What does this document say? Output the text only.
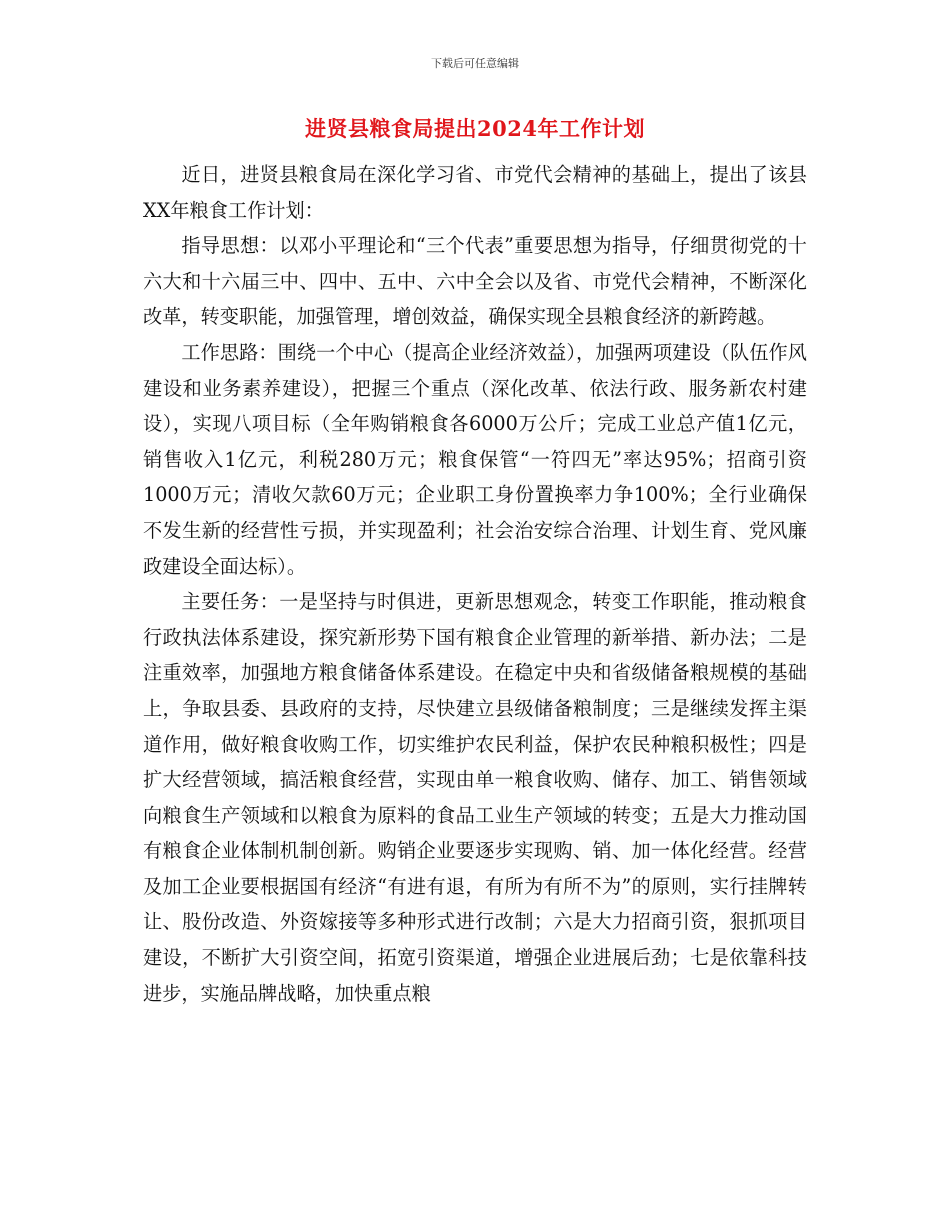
下载后可任意编辑
进贤县粮食局提出2024年工作计划

近日，进贤县粮食局在深化学习省、市党代会精神的基础上，提出了该县XX年粮食工作计划：

指导思想：以邓小平理论和“三个代表”重要思想为指导，仔细贯彻党的十六大和十六届三中、四中、五中、六中全会以及省、市党代会精神，不断深化改革，转变职能，加强管理，增创效益，确保实现全县粮食经济的新跨越。

工作思路：围绕一个中心（提高企业经济效益），加强两项建设（队伍作风建设和业务素养建设），把握三个重点（深化改革、依法行政、服务新农村建设），实现八项目标（全年购销粮食各6000万公斤；完成工业总产值1亿元，销售收入1亿元，利税280万元；粮食保管“一符四无”率达95%；招商引资1000万元；清收欠款60万元；企业职工身份置换率力争100%；全行业确保不发生新的经营性亏损，并实现盈利；社会治安综合治理、计划生育、党风廉政建设全面达标）。

主要任务：一是坚持与时俱进，更新思想观念，转变工作职能，推动粮食行政执法体系建设，探究新形势下国有粮食企业管理的新举措、新办法；二是注重效率，加强地方粮食储备体系建设。在稳定中央和省级储备粮规模的基础上，争取县委、县政府的支持，尽快建立县级储备粮制度；三是继续发挥主渠道作用，做好粮食收购工作，切实维护农民利益，保护农民种粮积极性；四是扩大经营领域，搞活粮食经营，实现由单一粮食收购、储存、加工、销售领域向粮食生产领域和以粮食为原料的食品工业生产领域的转变；五是大力推动国有粮食企业体制机制创新。购销企业要逐步实现购、销、加一体化经营。经营及加工企业要根据国有经济“有进有退，有所为有所不为”的原则，实行挂牌转让、股份改造、外资嫁接等多种形式进行改制；六是大力招商引资，狠抓项目建设，不断扩大引资空间，拓宽引资渠道，增强企业进展后劲；七是依靠科技进步，实施品牌战略，加快重点粮
